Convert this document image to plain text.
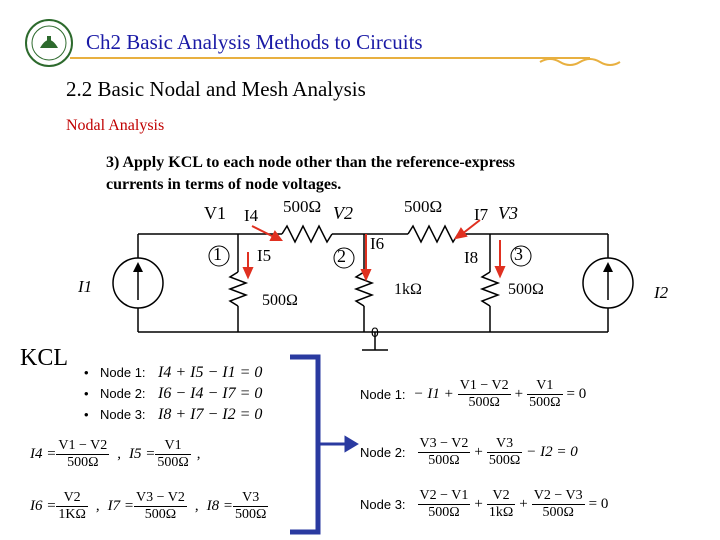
Ch2 Basic Analysis Methods to Circuits
2.2 Basic Nodal and Mesh Analysis
Nodal Analysis
3) Apply KCL to each node other than the reference-express
currents in terms of node voltages.
V1 I4 500Ω V2	500Ω I7 V3
1 I5	2
I6
I8 3
I1	I2
500Ω
1kΩ	500Ω
0
KCL
• Node 1: I4 + I5 − I1 = 0
• Node 2: I6 − I4 − I7 = 0
• Node 3: I8 + I7 − I2 = 0
$I4 = \frac{V1 - V2}{500\Omega}$ , $I5 = \frac{V1}{500\Omega}$ ,
$I6 = \frac{V2}{1K\Omega}$ , $I7 = \frac{V3 - V2}{500\Omega}$ , $I8 = \frac{V3}{500\Omega}$
Node 1: − $I1 + \frac{V1 - V2}{500\Omega} + \frac{V1}{500\Omega} = 0$
Node 2: $\frac{V3 - V2}{500\Omega} + \frac{V3}{500\Omega} - I2 = 0$
Node 3: $\frac{V2 - V1}{500\Omega} + \frac{V2}{1k\Omega} + \frac{V2 - V3}{500\Omega} = 0$
